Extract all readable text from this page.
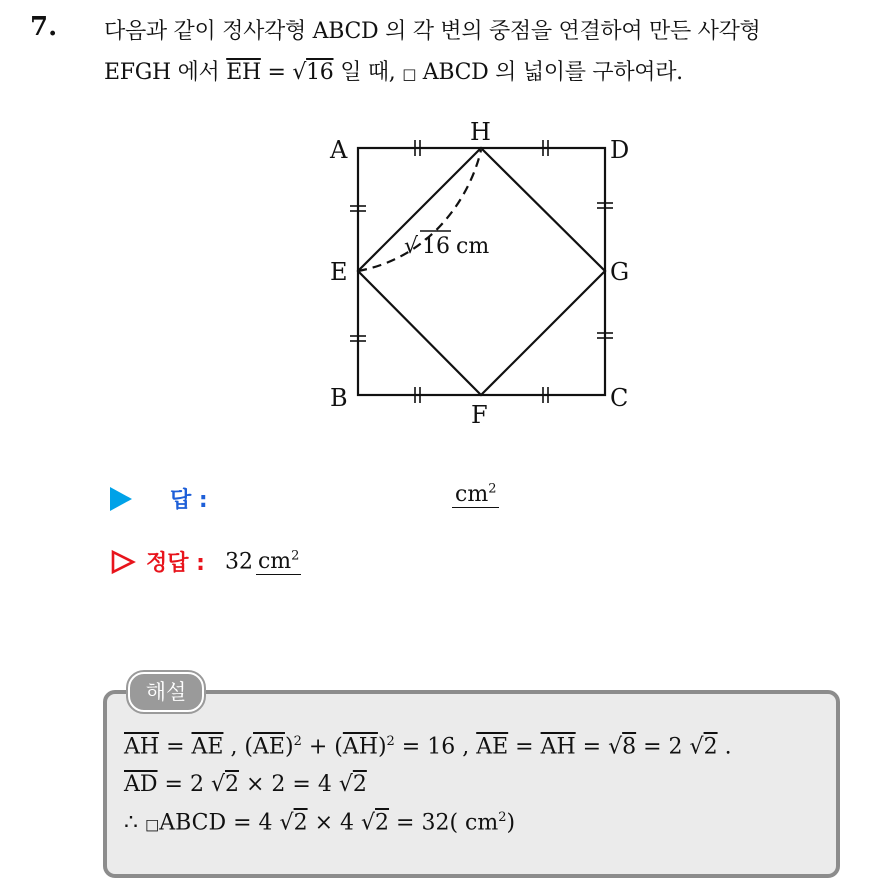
7. 다음과 같이 정사각형 ABCD 의 각 변의 중점을 연결하여 만든 사각형
EFGH 에서 $\overline{EH} = √16$ 일 때, □ ABCD 의 넓이를 구하여라.
A
H
D
E	G
B	C
F
√ 16 cm
답 :	$cm^2$
정답 : 32 $cm^2$
해설
$\overline{AH} = \overline{AE}$ , $(\overline{AE})^2 + (\overline{AH})^2 = 16$ , $\overline{AE} = \overline{AH} = √8 = 2$ √2 .
$\overline{AD} = 2$ √2 × 2 = 4 √2
∴ □ABCD = 4 √2 × 4 √2 = 32( $cm^2$)
